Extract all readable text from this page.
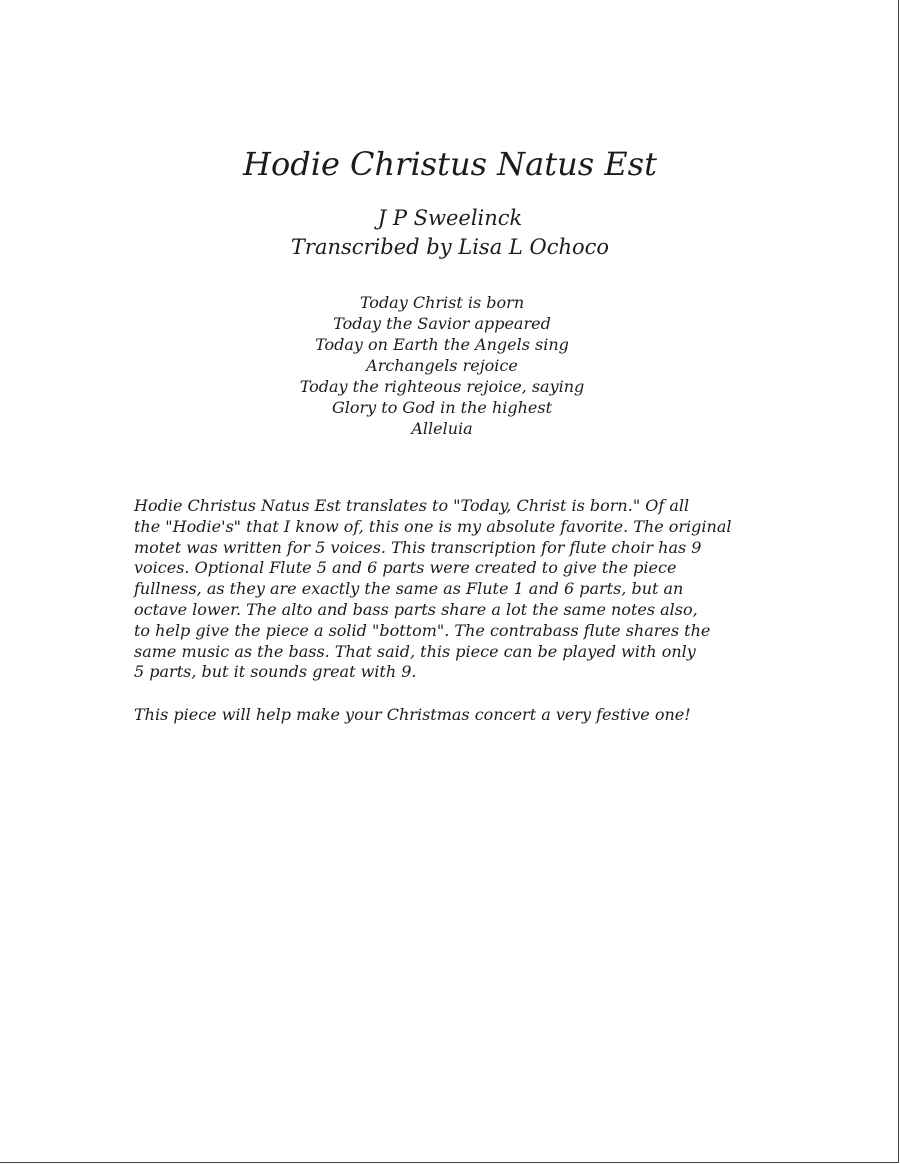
Hodie Christus Natus Est
J P Sweelinck
Transcribed by Lisa L Ochoco
Today Christ is born
Today the Savior appeared
Today on Earth the Angels sing
Archangels rejoice
Today the righteous rejoice, saying
Glory to God in the highest
Alleluia
Hodie Christus Natus Est translates to "Today, Christ is born." Of all
the "Hodie's" that I know of, this one is my absolute favorite. The original
motet was written for 5 voices. This transcription for flute choir has 9
voices. Optional Flute 5 and 6 parts were created to give the piece
fullness, as they are exactly the same as Flute 1 and 6 parts, but an
octave lower. The alto and bass parts share a lot the same notes also,
to help give the piece a solid "bottom". The contrabass flute shares the
same music as the bass. That said, this piece can be played with only
5 parts, but it sounds great with 9.
This piece will help make your Christmas concert a very festive one!
